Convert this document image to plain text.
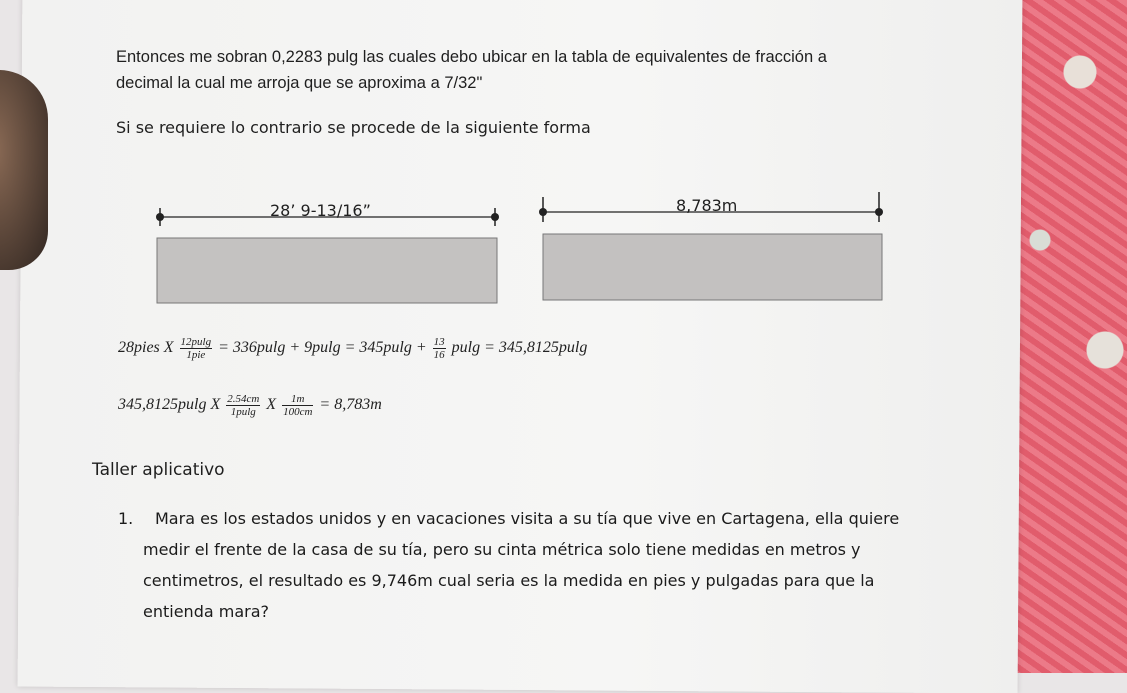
Entonces me sobran 0,2283 pulg las cuales debo ubicar en la tabla de equivalentes de fracción a
decimal la cual me arroja que se aproxima a 7/32"
Si se requiere lo contrario se procede de la siguiente forma
28’ 9-13/16”	8,783m
28pies X $\frac{12pulg}{\text{1pie}} = 336pulg + 9pulg = 345pulg + \frac{13}{16}$ pulg = 345,8125pulg
345,8125pulg X $\frac{2.54cm}{1pulg}$ X $\frac{1m}{100cm} = 8,783m$
Taller aplicativo
1. Mara es los estados unidos y en vacaciones visita a su tía que vive en Cartagena, ella quiere
medir el frente de la casa de su tía, pero su cinta métrica solo tiene medidas en metros y
centimetros, el resultado es 9,746m cual seria es la medida en pies y pulgadas para que la
entienda mara?
